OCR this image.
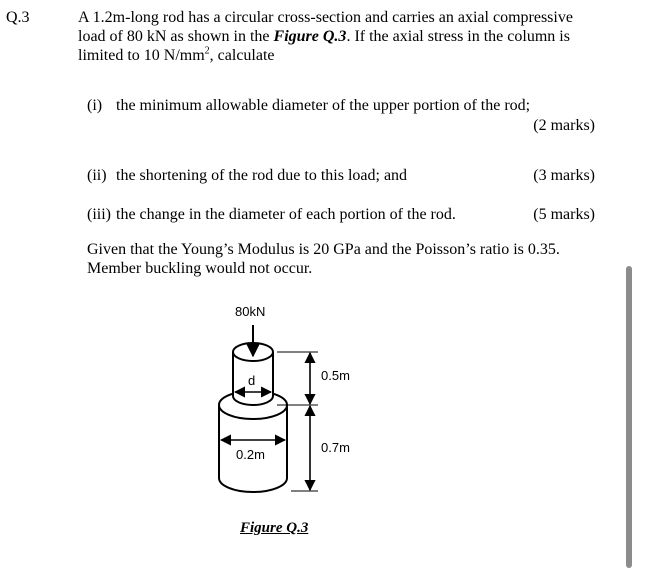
Q.3	A 1.2m-long rod has a circular cross-section and carries an axial compressive
load of 80 kN as shown in the Figure Q.3. If the axial stress in the column is
limited to 10 $N/mm^2$, calculate
(i) the minimum allowable diameter of the upper portion of the rod;
(2 marks)
(ii) the shortening of the rod due to this load; and	(3 marks)
(iii) the change in the diameter of each portion of the rod.	(5 marks)
Given that the Young’s Modulus is 20 GPa and the Poisson’s ratio is 0.35.
Member buckling would not occur.
80kN
d	0.5m
0.7m
0.2m
Figure Q.3
